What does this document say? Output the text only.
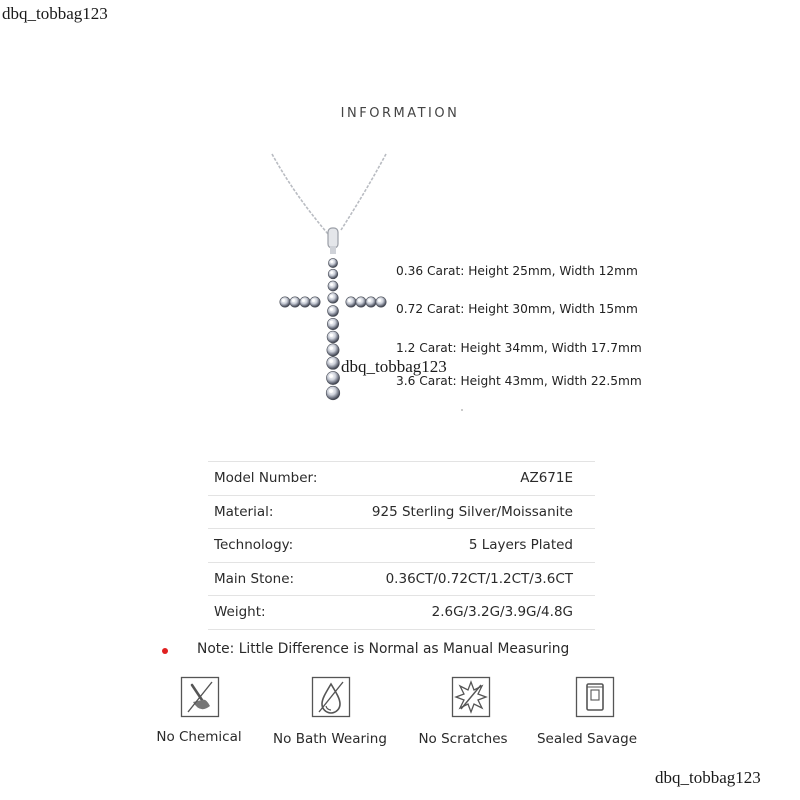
dbq_tobbag123
dbq_tobbag123
INFORMATION
dbq_tobbag123
0.36 Carat: Height 25mm, Width 12mm
0.72 Carat: Height 30mm, Width 15mm
1.2 Carat: Height 34mm, Width 17.7mm
3.6 Carat: Height 43mm, Width 22.5mm
Model Number:	AZ671E
Material:	925 Sterling Silver/Moissanite
Technology:	5 Layers Plated
Main Stone:	0.36CT/0.72CT/1.2CT/3.6CT
Weight:	2.6G/3.2G/3.9G/4.8G
Note: Little Difference is Normal as Manual Measuring
No Chemical	No Bath Wearing	No Scratches	Sealed Savage
